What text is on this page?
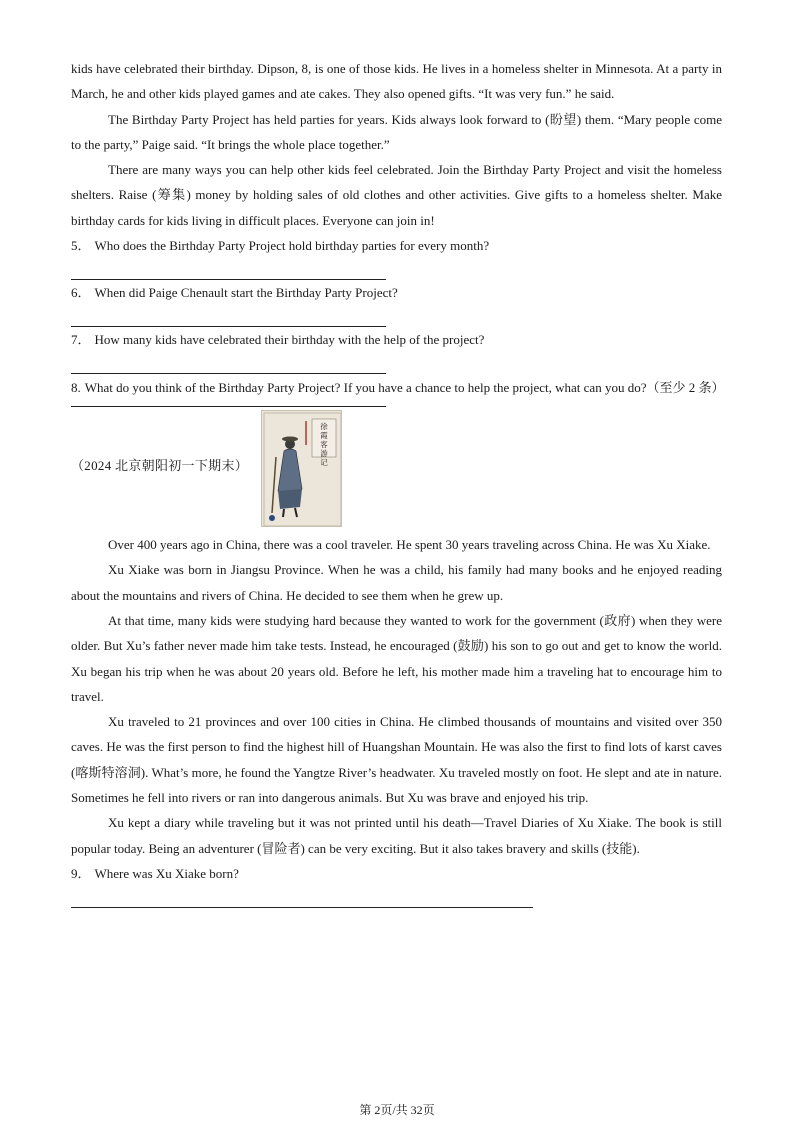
kids have celebrated their birthday. Dipson, 8, is one of those kids. He lives in a homeless shelter in Minnesota. At a party in March, he and other kids played games and ate cakes. They also opened gifts. “It was very fun.” he said.

The Birthday Party Project has held parties for years. Kids always look forward to (盼望) them. “Mary people come to the party,” Paige said. “It brings the whole place together.”

There are many ways you can help other kids feel celebrated. Join the Birthday Party Project and visit the homeless shelters. Raise (筹集) money by holding sales of old clothes and other activities. Give gifts to a homeless shelter. Make birthday cards for kids living in difficult places. Everyone can join in!

5． Who does the Birthday Party Project hold birthday parties for every month?

6． When did Paige Chenault start the Birthday Party Project?

7． How many kids have celebrated their birthday with the help of the project?

8. What do you think of the Birthday Party Project? If you have a chance to help the project, what can you do?（至少 2 条）

（2024 北京朝阳初一下期末）
徐
霞
客
游
记

Over 400 years ago in China, there was a cool traveler. He spent 30 years traveling across China. He was Xu Xiake.

Xu Xiake was born in Jiangsu Province. When he was a child, his family had many books and he enjoyed reading about the mountains and rivers of China. He decided to see them when he grew up.

At that time, many kids were studying hard because they wanted to work for the government (政府) when they were older. But Xu’s father never made him take tests. Instead, he encouraged (鼓励) his son to go out and get to know the world. Xu began his trip when he was about 20 years old. Before he left, his mother made him a traveling hat to encourage him to travel.

Xu traveled to 21 provinces and over 100 cities in China. He climbed thousands of mountains and visited over 350 caves. He was the first person to find the highest hill of Huangshan Mountain. He was also the first to find lots of karst caves (喀斯特溶洞). What’s more, he found the Yangtze River’s headwater. Xu traveled mostly on foot. He slept and ate in nature. Sometimes he fell into rivers or ran into dangerous animals. But Xu was brave and enjoyed his trip.

Xu kept a diary while traveling but it was not printed until his death—Travel Diaries of Xu Xiake. The book is still popular today. Being an adventurer (冒险者) can be very exciting. But it also takes bravery and skills (技能).

9． Where was Xu Xiake born?

第 2页/共 32页
